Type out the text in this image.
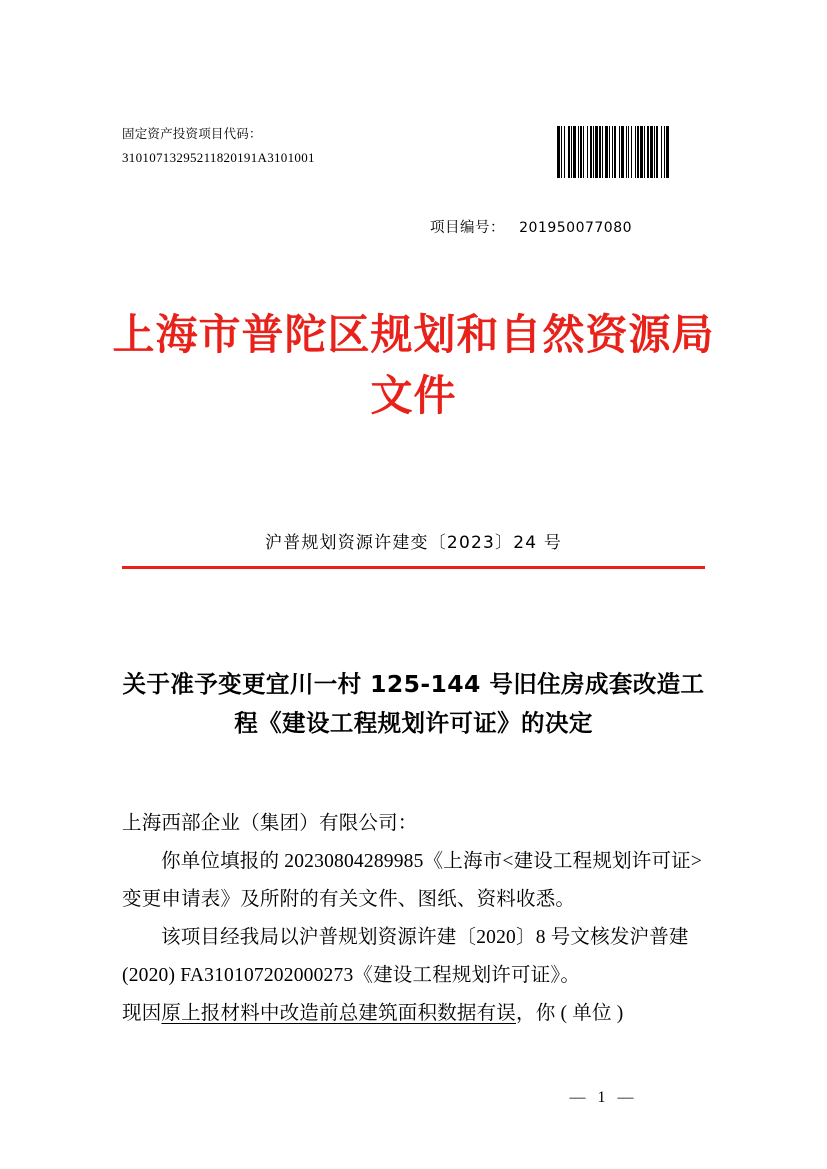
固定资产投资项目代码：
31010713295211820191A3101001
项目编号： 201950077080
上海市普陀区规划和自然资源局
文件
沪普规划资源许建变〔2023〕24 号
关于准予变更宜川一村 125-144 号旧住房成套改造工程《建设工程规划许可证》的决定

上海西部企业（集团）有限公司：

你单位填报的 20230804289985《上海市<建设工程规划许可证>变更申请表》及所附的有关文件、图纸、资料收悉。

该项目经我局以沪普规划资源许建〔2020〕8 号文核发沪普建 (2020) FA310107202000273《建设工程规划许可证》。

现因原上报材料中改造前总建筑面积数据有误，你 ( 单位 )

— 1 —
